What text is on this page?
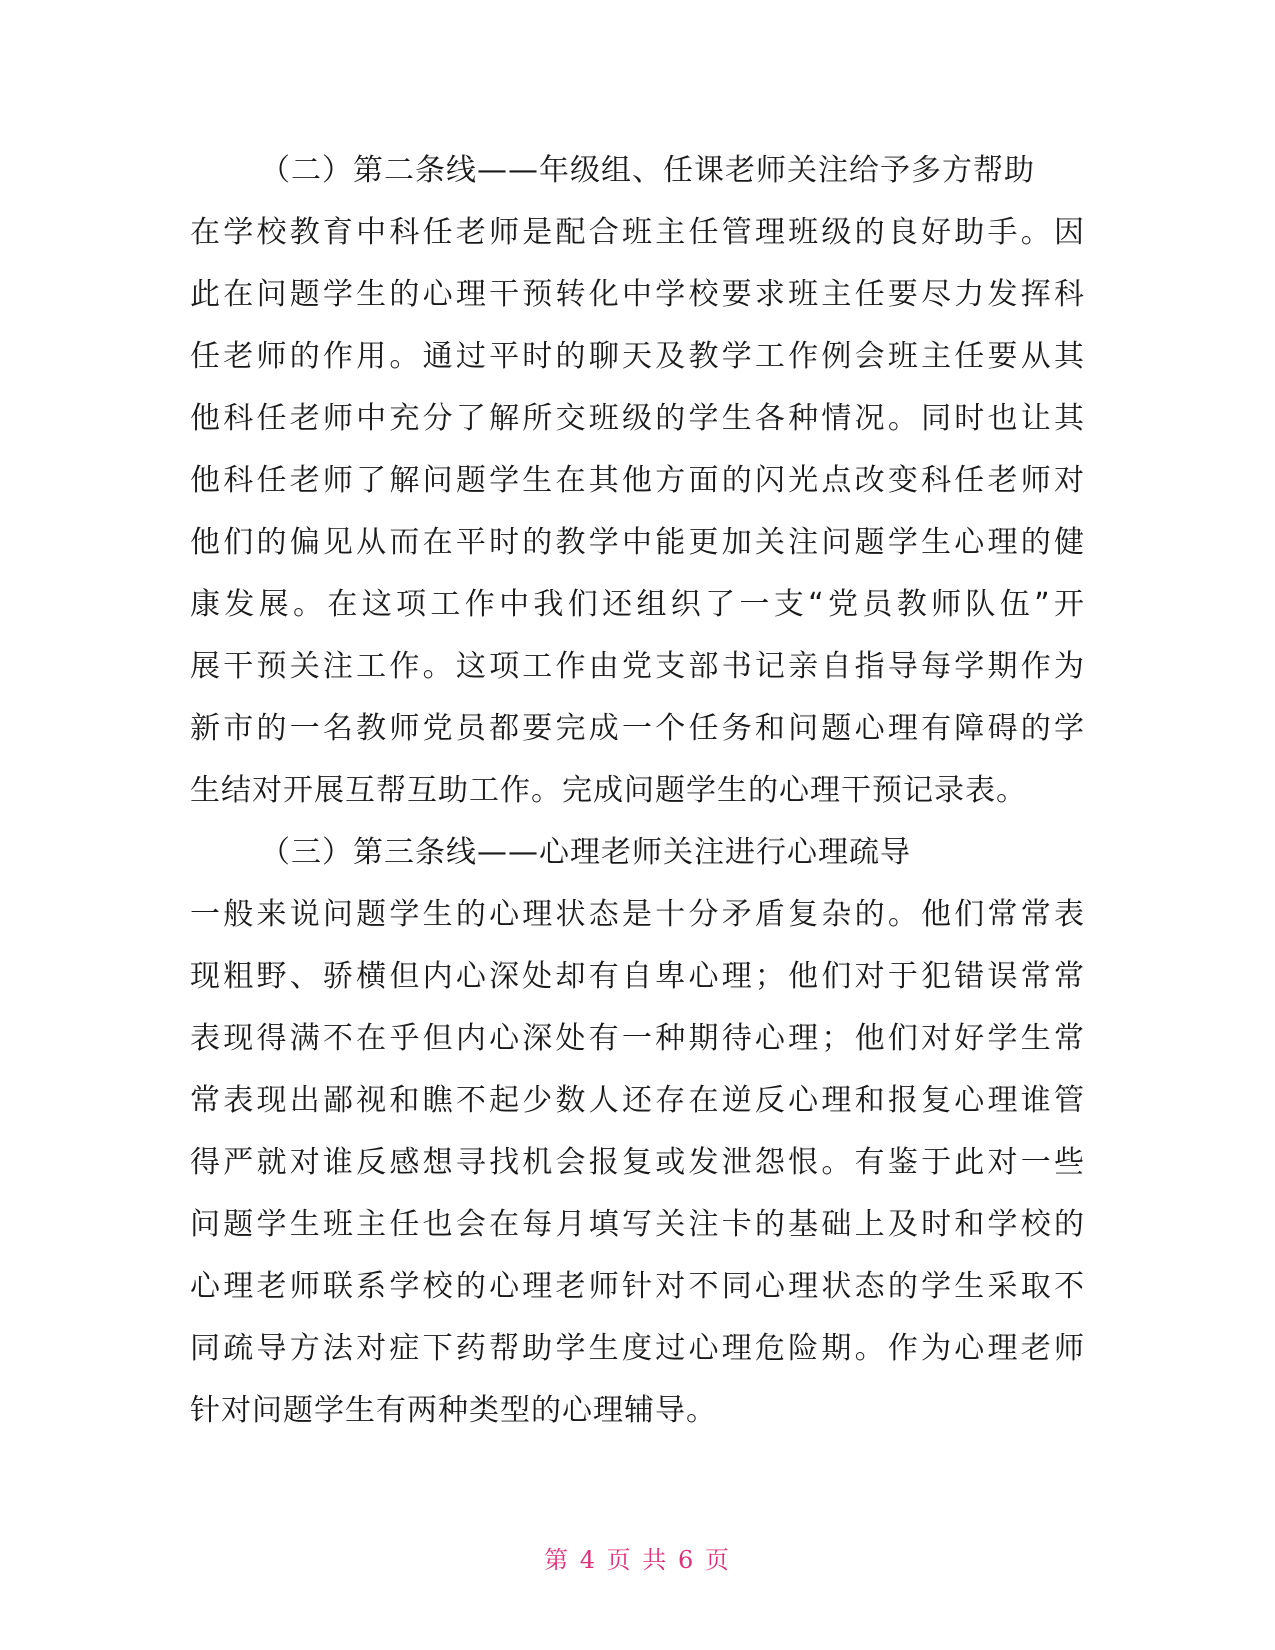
（二）第二条线——年级组、任课老师关注给予多方帮助
在学校教育中科任老师是配合班主任管理班级的良好助手。因
此在问题学生的心理干预转化中学校要求班主任要尽力发挥科
任老师的作用。通过平时的聊天及教学工作例会班主任要从其
他科任老师中充分了解所交班级的学生各种情况。同时也让其
他科任老师了解问题学生在其他方面的闪光点改变科任老师对
他们的偏见从而在平时的教学中能更加关注问题学生心理的健
康发展。在这项工作中我们还组织了一支“党员教师队伍”开
展干预关注工作。这项工作由党支部书记亲自指导每学期作为
新市的一名教师党员都要完成一个任务和问题心理有障碍的学
生结对开展互帮互助工作。完成问题学生的心理干预记录表。
（三）第三条线——心理老师关注进行心理疏导
一般来说问题学生的心理状态是十分矛盾复杂的。他们常常表
现粗野、骄横但内心深处却有自卑心理；他们对于犯错误常常
表现得满不在乎但内心深处有一种期待心理；他们对好学生常
常表现出鄙视和瞧不起少数人还存在逆反心理和报复心理谁管
得严就对谁反感想寻找机会报复或发泄怨恨。有鉴于此对一些
问题学生班主任也会在每月填写关注卡的基础上及时和学校的
心理老师联系学校的心理老师针对不同心理状态的学生采取不
同疏导方法对症下药帮助学生度过心理危险期。作为心理老师
针对问题学生有两种类型的心理辅导。
第 4 页 共 6 页
